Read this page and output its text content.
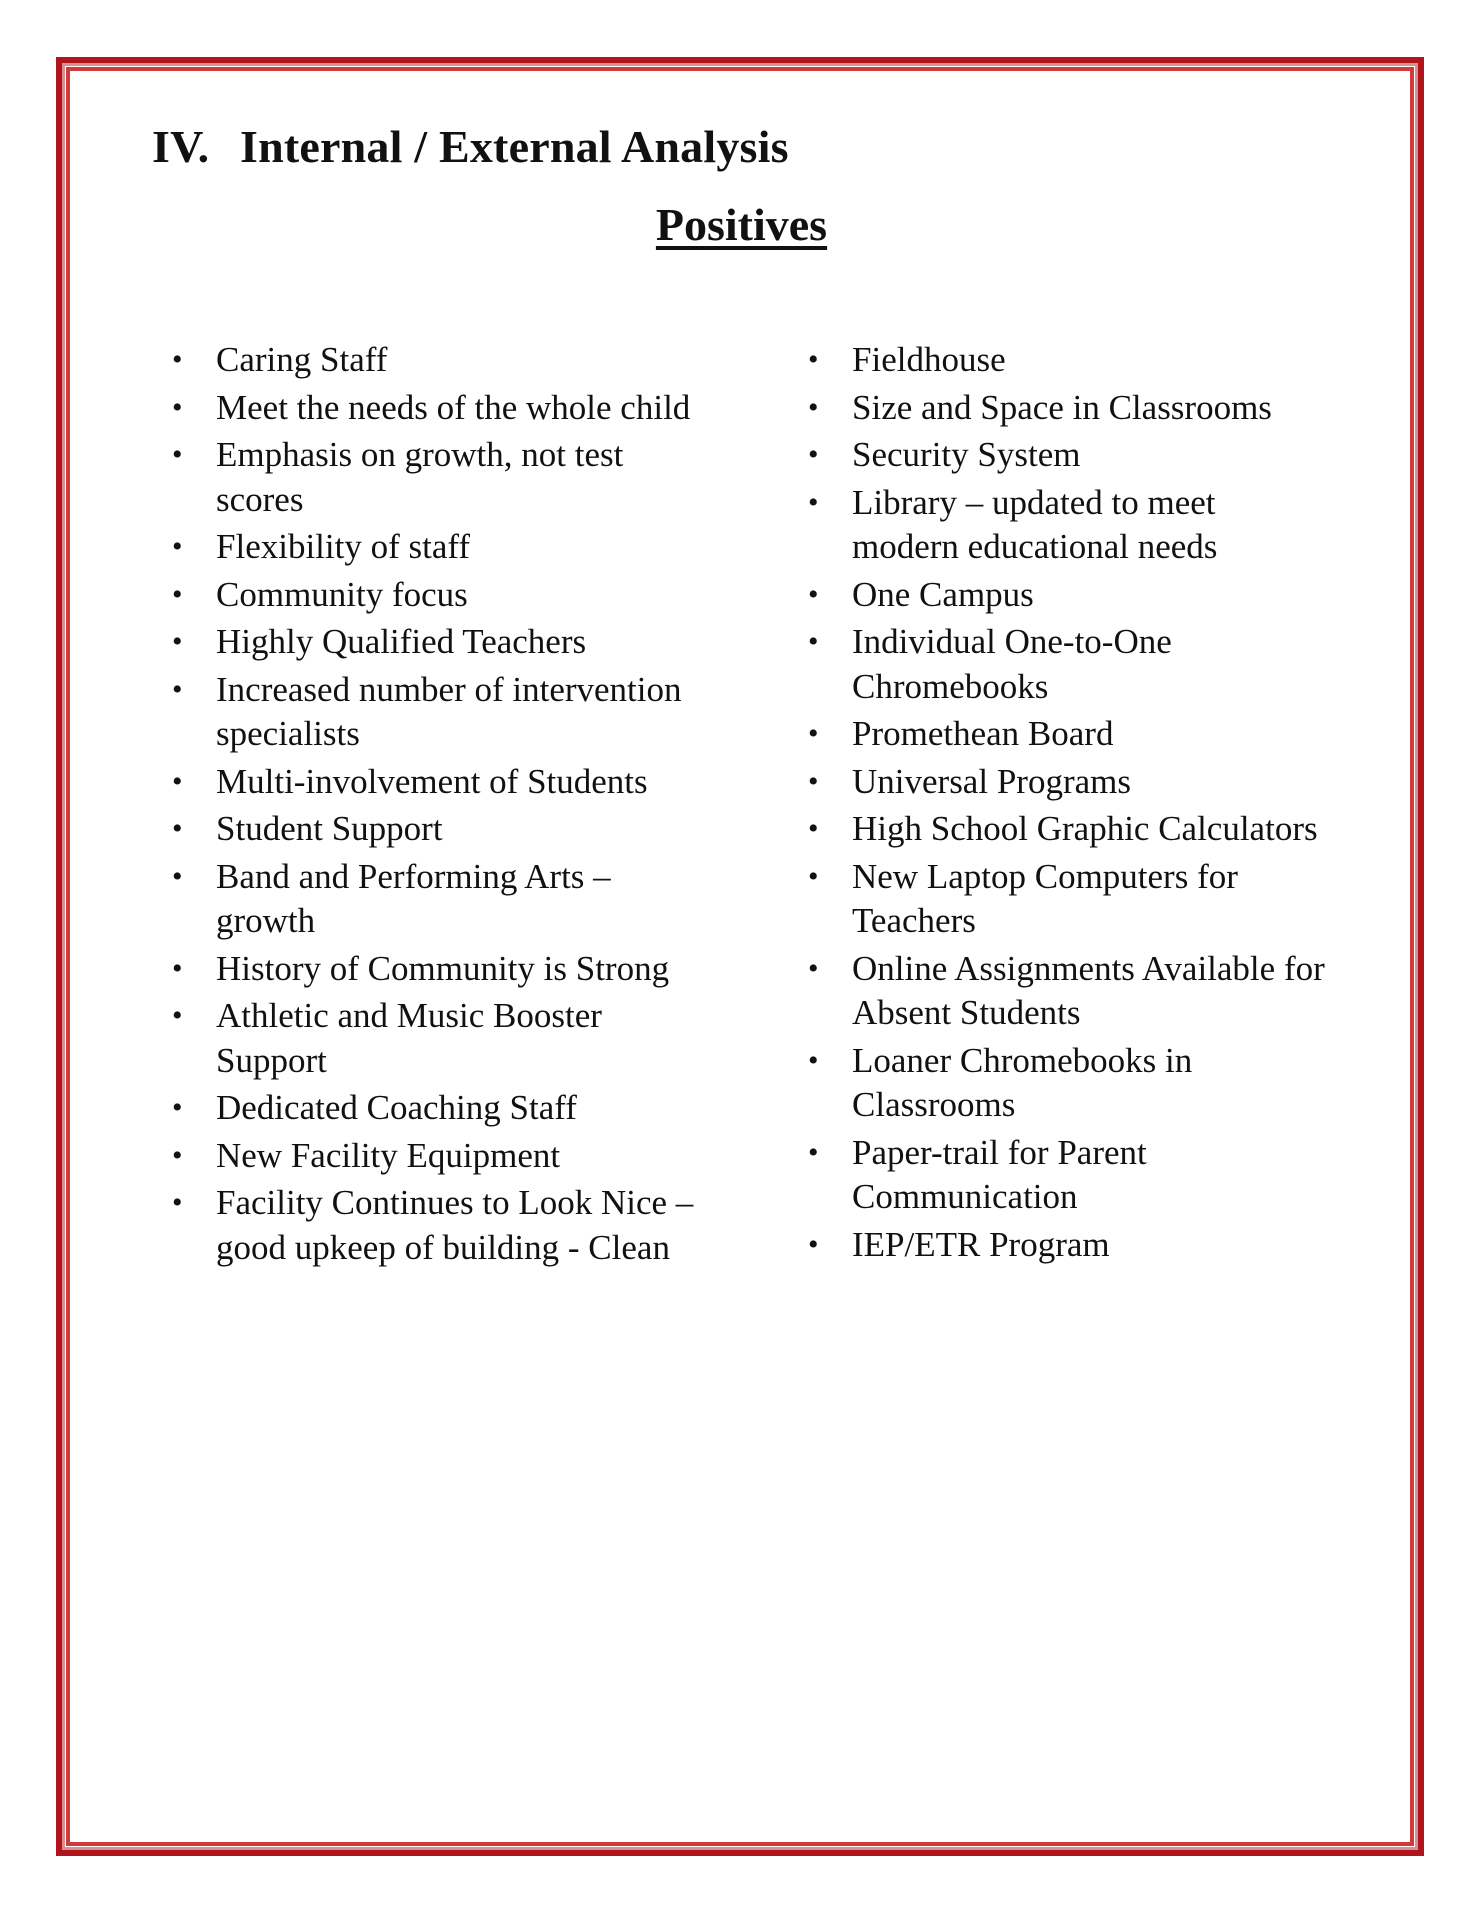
IV. Internal / External Analysis
Positives
• Caring Staff
• Meet the needs of the whole child
• Emphasis on growth, not test scores
• Flexibility of staff
• Community focus
• Highly Qualified Teachers
• Increased number of intervention specialists
• Multi-involvement of Students
• Student Support
• Band and Performing Arts – growth
• History of Community is Strong
• Athletic and Music Booster Support
• Dedicated Coaching Staff
• New Facility Equipment
• Facility Continues to Look Nice – good upkeep of building - Clean
• Fieldhouse
• Size and Space in Classrooms
• Security System
• Library – updated to meet modern educational needs
• One Campus
• Individual One-to-One Chromebooks
• Promethean Board
• Universal Programs
• High School Graphic Calculators
• New Laptop Computers for Teachers
• Online Assignments Available for Absent Students
• Loaner Chromebooks in Classrooms
• Paper-trail for Parent Communication
• IEP/ETR Program
